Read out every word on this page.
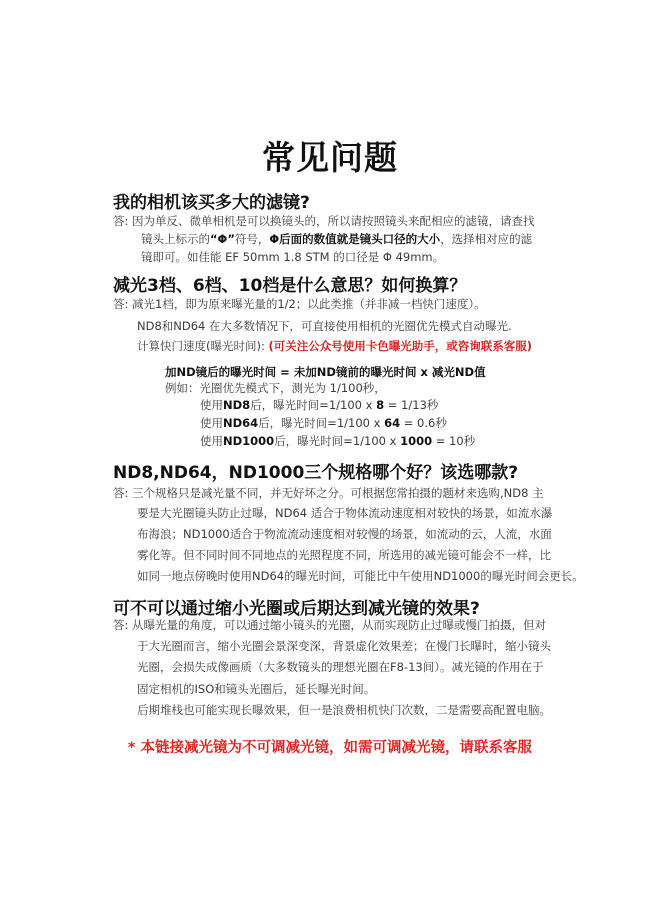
常见问题
我的相机该买多大的滤镜?

答: 因为单反、微单相机是可以换镜头的，所以请按照镜头来配相应的滤镜，请查找

镜头上标示的“Φ”符号，Φ后面的数值就是镜头口径的大小，选择相对应的滤

镜即可。如佳能 EF 50mm 1.8 STM 的口径是 Φ 49mm。

减光3档、6档、10档是什么意思？如何换算？

答: 减光1档，即为原来曝光量的1/2；以此类推（并非减一档快门速度）。

ND8和ND64 在大多数情况下，可直接使用相机的光圈优先模式自动曝光.

计算快门速度(曝光时间): (可关注公众号使用卡色曝光助手，或咨询联系客服)

加ND镜后的曝光时间 = 未加ND镜前的曝光时间 x 减光ND值

例如：光圈优先模式下，测光为 1/100秒，

使用ND8后，曝光时间=1/100 x 8 = 1/13秒

使用ND64后，曝光时间=1/100 x 64 = 0.6秒

使用ND1000后，曝光时间=1/100 x 1000 = 10秒

ND8,ND64，ND1000三个规格哪个好？该选哪款?

答: 三个规格只是减光量不同，并无好坏之分。可根据您常拍摄的题材来选购,ND8 主

要是大光圈镜头防止过曝，ND64 适合于物体流动速度相对较快的场景，如流水瀑

布海浪；ND1000适合于物流流动速度相对较慢的场景，如流动的云，人流，水面

雾化等。但不同时间不同地点的光照程度不同，所选用的减光镜可能会不一样，比

如同一地点傍晚时使用ND64的曝光时间，可能比中午使用ND1000的曝光时间会更长。

可不可以通过缩小光圈或后期达到减光镜的效果?

答: 从曝光量的角度，可以通过缩小镜头的光圈，从而实现防止过曝或慢门拍摄，但对

于大光圈而言，缩小光圈会景深变深，背景虚化效果差；在慢门长曝时，缩小镜头

光圈，会损失成像画质（大多数镜头的理想光圈在F8-13间）。减光镜的作用在于

固定相机的ISO和镜头光圈后，延长曝光时间。

后期堆栈也可能实现长曝效果，但一是浪费相机快门次数，二是需要高配置电脑。

* 本链接减光镜为不可调减光镜，如需可调减光镜，请联系客服
